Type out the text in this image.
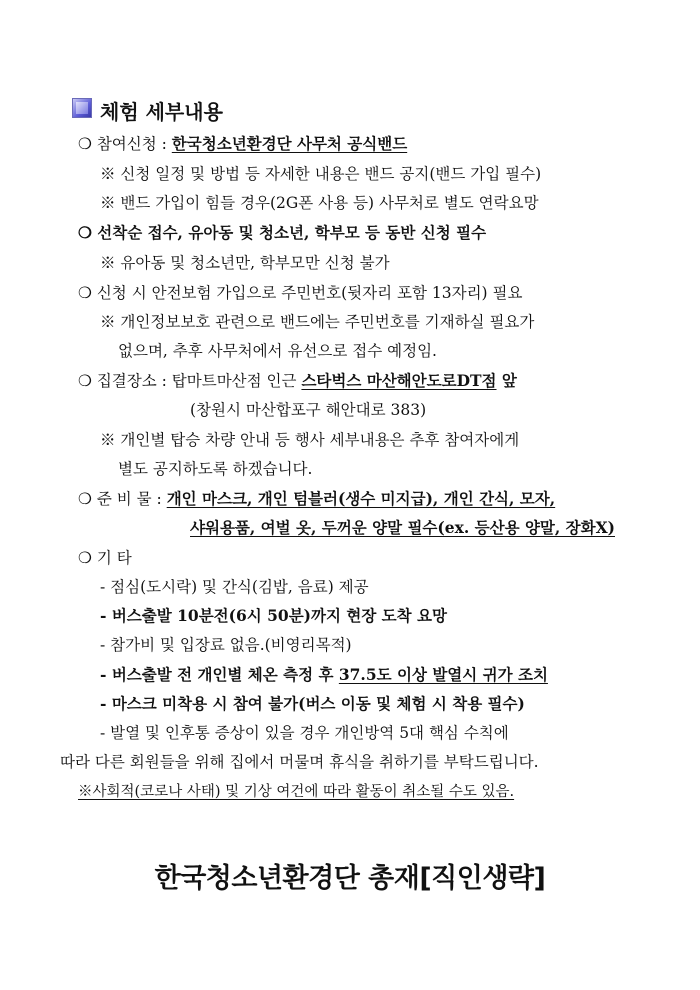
체험 세부내용
❍ 참여신청 : 한국청소년환경단 사무처 공식밴드
※ 신청 일정 및 방법 등 자세한 내용은 밴드 공지(밴드 가입 필수)
※ 밴드 가입이 힘들 경우(2G폰 사용 등) 사무처로 별도 연락요망
❍ 선착순 접수, 유아동 및 청소년, 학부모 등 동반 신청 필수
※ 유아동 및 청소년만, 학부모만 신청 불가
❍ 신청 시 안전보험 가입으로 주민번호(뒷자리 포함 13자리) 필요
※ 개인정보보호 관련으로 밴드에는 주민번호를 기재하실 필요가
없으며, 추후 사무처에서 유선으로 접수 예정임.
❍ 집결장소 : 탑마트마산점 인근 스타벅스 마산해안도로DT점 앞
(창원시 마산합포구 해안대로 383)
※ 개인별 탑승 차량 안내 등 행사 세부내용은 추후 참여자에게
별도 공지하도록 하겠습니다.
❍ 준 비 물 : 개인 마스크, 개인 텀블러(생수 미지급), 개인 간식, 모자,
샤워용품, 여벌 옷, 두꺼운 양말 필수(ex. 등산용 양말, 장화X)
❍ 기 타
- 점심(도시락) 및 간식(김밥, 음료) 제공
- 버스출발 10분전(6시 50분)까지 현장 도착 요망
- 참가비 및 입장료 없음.(비영리목적)
- 버스출발 전 개인별 체온 측정 후 37.5도 이상 발열시 귀가 조치
- 마스크 미착용 시 참여 불가(버스 이동 및 체험 시 착용 필수)
- 발열 및 인후통 증상이 있을 경우 개인방역 5대 핵심 수칙에
따라 다른 회원들을 위해 집에서 머물며 휴식을 취하기를 부탁드립니다.
※사회적(코로나 사태) 및 기상 여건에 따라 활동이 취소될 수도 있음.
한국청소년환경단 총재[직인생략]
